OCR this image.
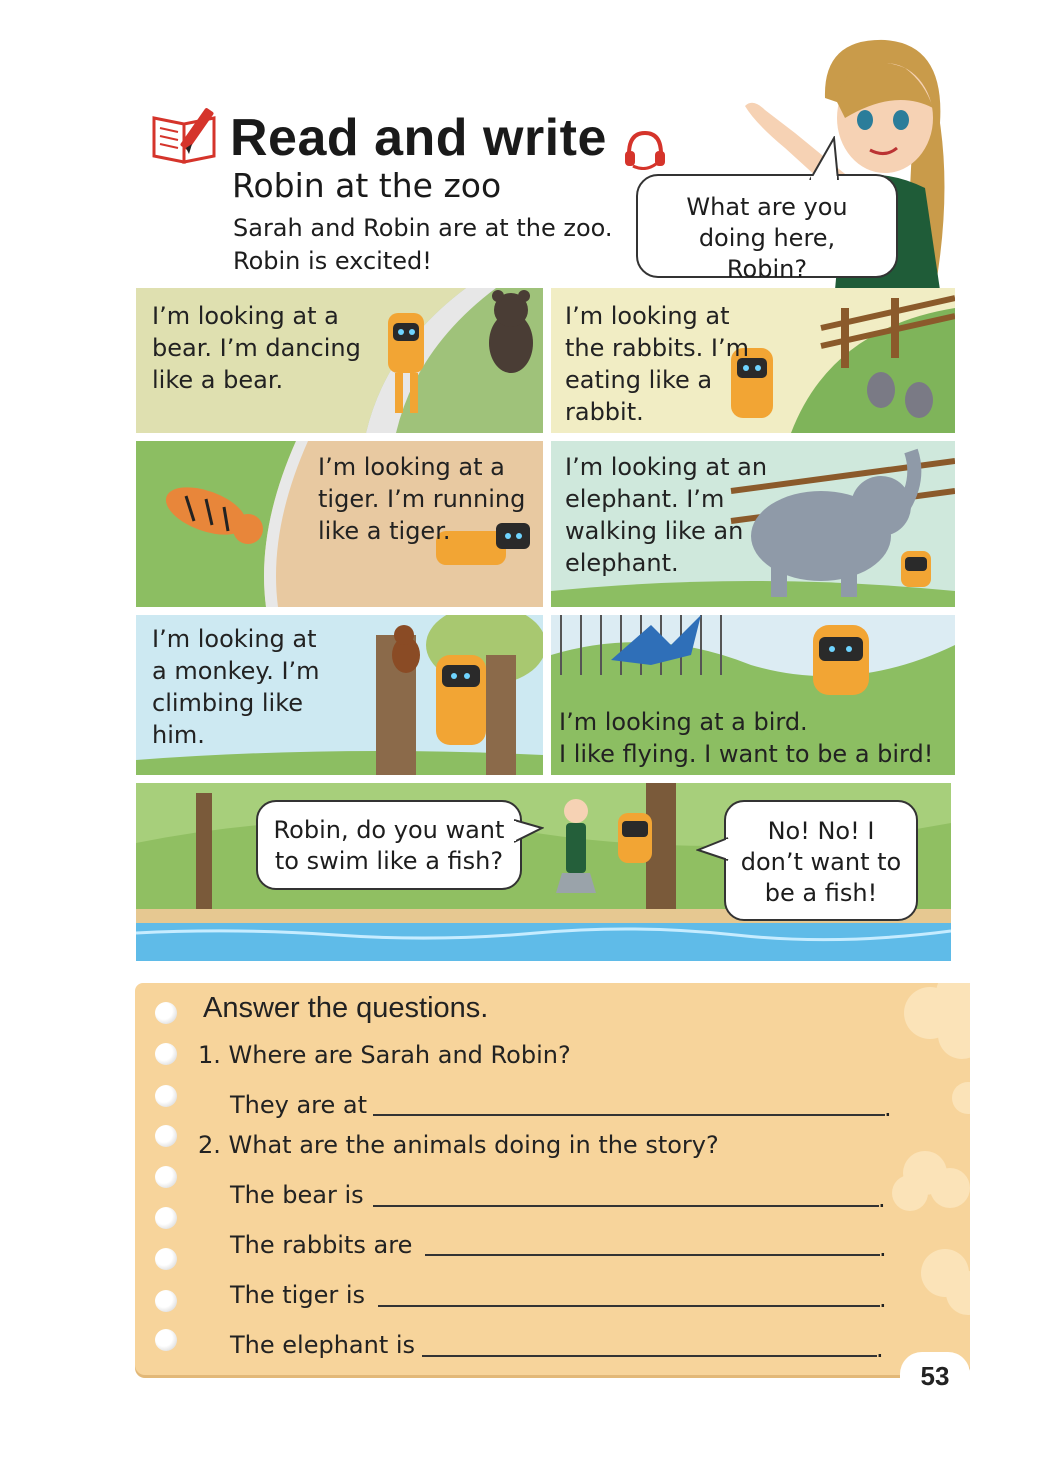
Read and write
Robin at the zoo
Sarah and Robin are at the zoo.
Robin is excited!
What are you doing here, Robin?
I’m looking at a bear. I’m dancing like a bear.
I’m looking at the rabbits. I’m eating like a rabbit.
I’m looking at a tiger. I’m running like a tiger.
I’m looking at an elephant. I’m walking like an elephant.
I’m looking at a monkey. I’m climbing like him.	I’m looking at a bird.
I like flying. I want to be a bird!
Robin, do you want to swim like a fish?
No! No! I don’t want to be a fish!
Answer the questions.
1. Where are Sarah and Robin?
They are at	.
2. What are the animals doing in the story?
The bear is	.
The rabbits are	.
The tiger is	.
The elephant is	.
53
